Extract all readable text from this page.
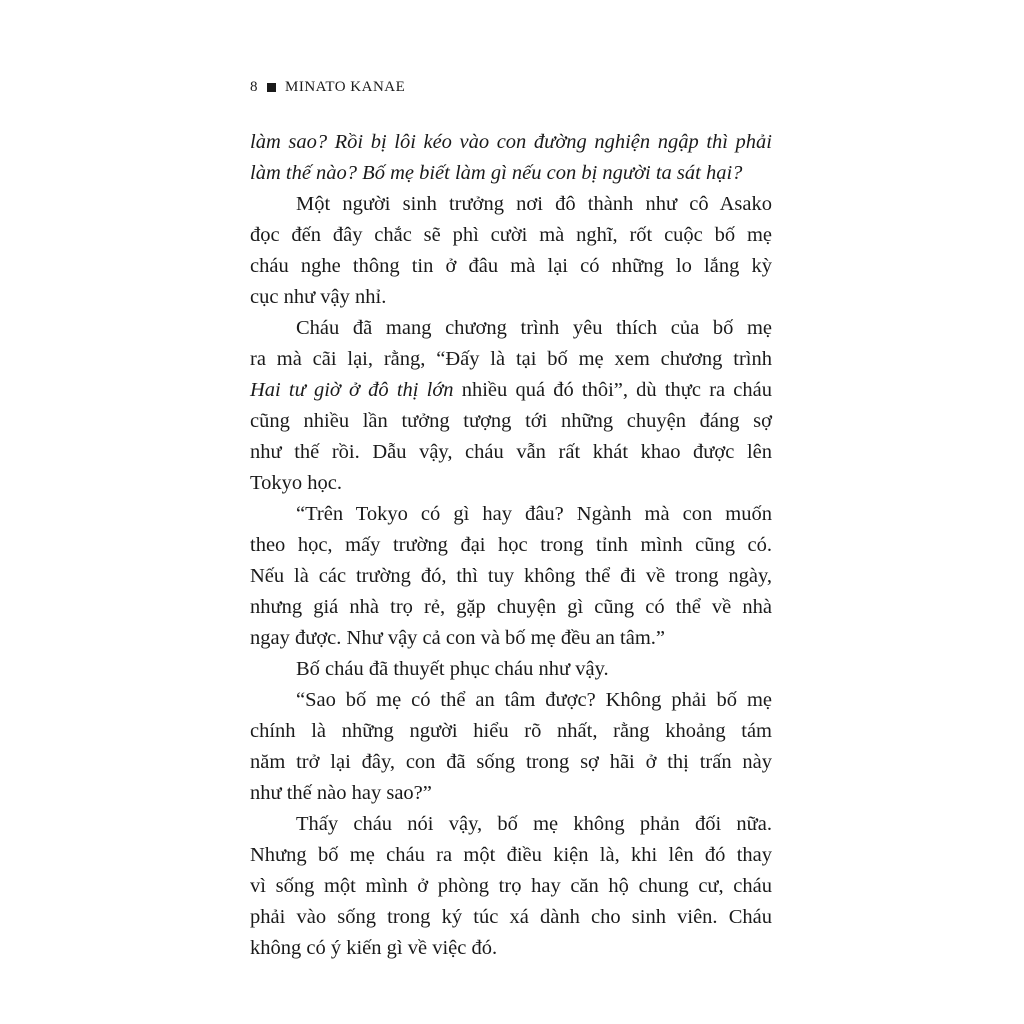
8 MINATO KANAE
làm sao? Rồi bị lôi kéo vào con đường nghiện ngập thì phải
làm thế nào? Bố mẹ biết làm gì nếu con bị người ta sát hại?
Một người sinh trưởng nơi đô thành như cô Asako
đọc đến đây chắc sẽ phì cười mà nghĩ, rốt cuộc bố mẹ
cháu nghe thông tin ở đâu mà lại có những lo lắng kỳ
cục như vậy nhỉ.
Cháu đã mang chương trình yêu thích của bố mẹ
ra mà cãi lại, rằng, “Đấy là tại bố mẹ xem chương trình
Hai tư giờ ở đô thị lớn nhiều quá đó thôi”, dù thực ra cháu
cũng nhiều lần tưởng tượng tới những chuyện đáng sợ
như thế rồi. Dẫu vậy, cháu vẫn rất khát khao được lên
Tokyo học.
“Trên Tokyo có gì hay đâu? Ngành mà con muốn
theo học, mấy trường đại học trong tỉnh mình cũng có.
Nếu là các trường đó, thì tuy không thể đi về trong ngày,
nhưng giá nhà trọ rẻ, gặp chuyện gì cũng có thể về nhà
ngay được. Như vậy cả con và bố mẹ đều an tâm.”
Bố cháu đã thuyết phục cháu như vậy.
“Sao bố mẹ có thể an tâm được? Không phải bố mẹ
chính là những người hiểu rõ nhất, rằng khoảng tám
năm trở lại đây, con đã sống trong sợ hãi ở thị trấn này
như thế nào hay sao?”
Thấy cháu nói vậy, bố mẹ không phản đối nữa.
Nhưng bố mẹ cháu ra một điều kiện là, khi lên đó thay
vì sống một mình ở phòng trọ hay căn hộ chung cư, cháu
phải vào sống trong ký túc xá dành cho sinh viên. Cháu
không có ý kiến gì về việc đó.
